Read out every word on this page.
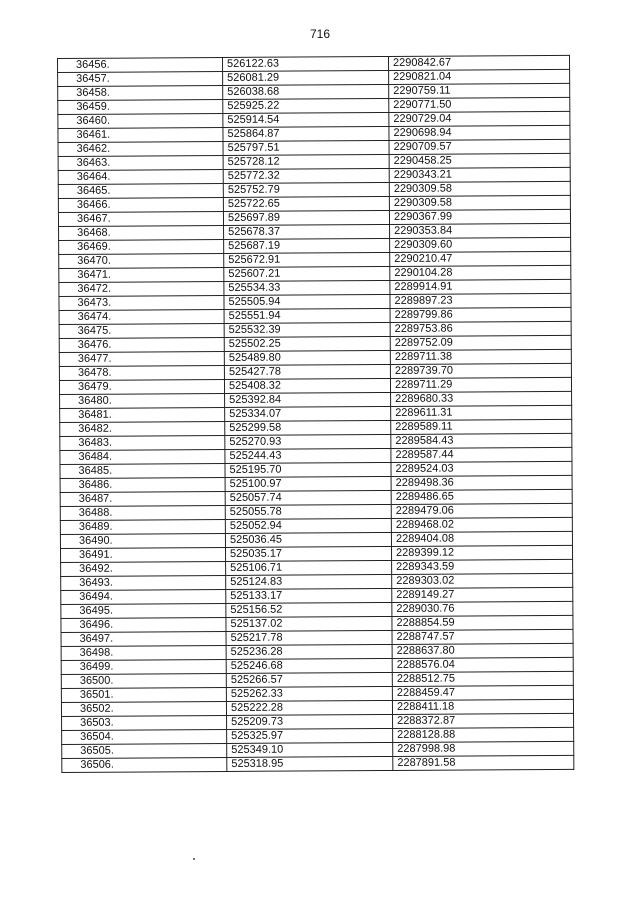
716
36456.	526122.63	2290842.67
36457.	526081.29	2290821.04
36458.	526038.68	2290759.11
36459.	525925.22	2290771.50
36460.	525914.54	2290729.04
36461.	525864.87	2290698.94
36462.	525797.51	2290709.57
36463.	525728.12	2290458.25
36464.	525772.32	2290343.21
36465.	525752.79	2290309.58
36466.	525722.65	2290309.58
36467.	525697.89	2290367.99
36468.	525678.37	2290353.84
36469.	525687.19	2290309.60
36470.	525672.91	2290210.47
36471.	525607.21	2290104.28
36472.	525534.33	2289914.91
36473.	525505.94	2289897.23
36474.	525551.94	2289799.86
36475.	525532.39	2289753.86
36476.	525502.25	2289752.09
36477.	525489.80	2289711.38
36478.	525427.78	2289739.70
36479.	525408.32	2289711.29
36480.	525392.84	2289680.33
36481.	525334.07	2289611.31
36482.	525299.58	2289589.11
36483.	525270.93	2289584.43
36484.	525244.43	2289587.44
36485.	525195.70	2289524.03
36486.	525100.97	2289498.36
36487.	525057.74	2289486.65
36488.	525055.78	2289479.06
36489.	525052.94	2289468.02
36490.	525036.45	2289404.08
36491.	525035.17	2289399.12
36492.	525106.71	2289343.59
36493.	525124.83	2289303.02
36494.	525133.17	2289149.27
36495.	525156.52	2289030.76
36496.	525137.02	2288854.59
36497.	525217.78	2288747.57
36498.	525236.28	2288637.80
36499.	525246.68	2288576.04
36500.	525266.57	2288512.75
36501.	525262.33	2288459.47
36502.	525222.28	2288411.18
36503.	525209.73	2288372.87
36504.	525325.97	2288128.88
36505.	525349.10	2287998.98
36506.	525318.95	2287891.58
